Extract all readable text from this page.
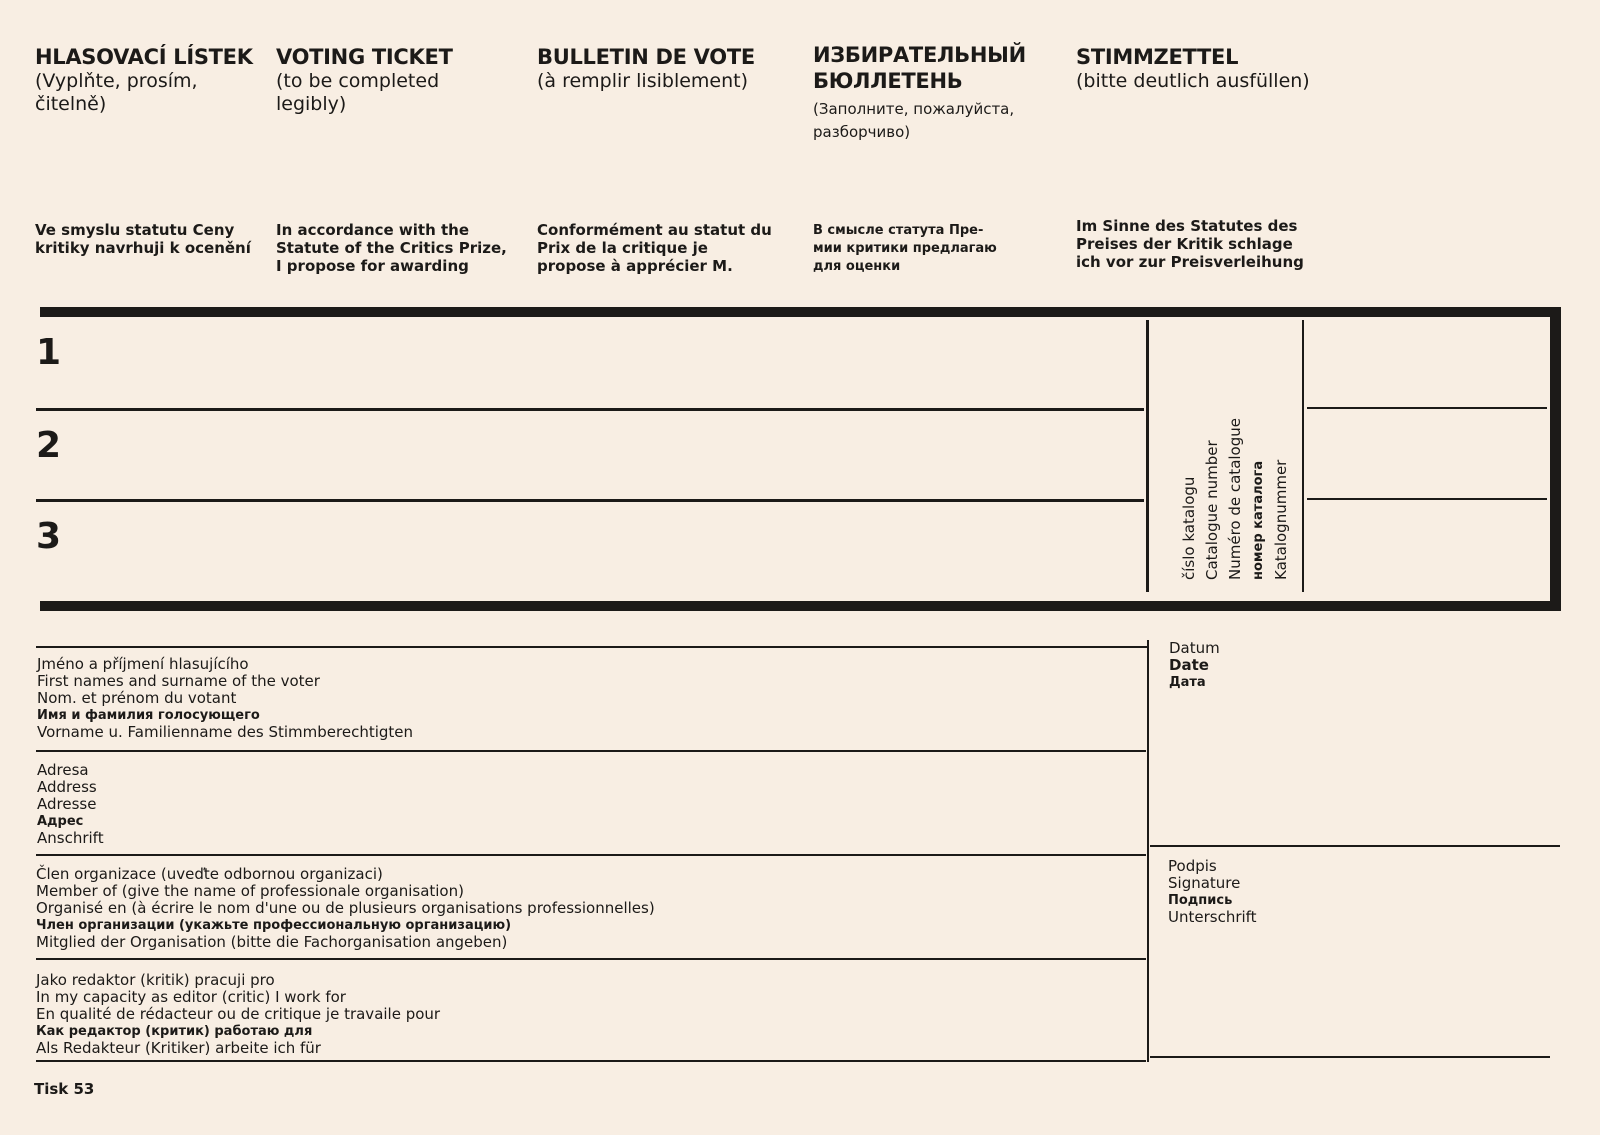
HLASOVACÍ LÍSTEK
(Vyplňte, prosím,
čitelně)
Ve smyslu statutu Ceny
kritiky navrhuji k ocenění
VOTING TICKET
(to be completed
legibly)
In accordance with the
Statute of the Critics Prize,
I propose for awarding
BULLETIN DE VOTE
(à remplir lisiblement)
Conformément au statut du
Prix de la critique je
propose à apprécier M.
ИЗБИРАТЕЛЬНЫЙ
БЮЛЛЕТЕНЬ
(Заполните, пожалуйста,
разборчиво)
В смысле статута Пре-
мии критики предлагаю
для оценки
STIMMZETTEL
(bitte deutlich ausfüllen)
Im Sinne des Statutes des
Preises der Kritik schlage
ich vor zur Preisverleihung
1
2
3	číslo katalogu Catalogue number Numéro de catalogue номер каталога Katalognummer
Jméno a příjmení hlasujícího
First names and surname of the voter
Nom. et prénom du votant
Имя и фамилия голосующего
Vorname u. Familienname des Stimmberechtigten
Adresa
Address
Adresse
Адрес
Anschrift
Člen organizace (uveďte odbornou organizaci)
Member of (give the name of professionale organisation)
Organisé en (à écrire le nom d'une ou de plusieurs organisations professionnelles)
Член организации (укажьте профессиональную организацию)
Mitglied der Organisation (bitte die Fachorganisation angeben)
Jako redaktor (kritik) pracuji pro
In my capacity as editor (critic) I work for
En qualité de rédacteur ou de critique je travaile pour
Как редактор (критик) работаю для
Als Redakteur (Kritiker) arbeite ich für
Datum
Date
Дата
Podpis
Signature
Подпись
Unterschrift
Tisk 53
